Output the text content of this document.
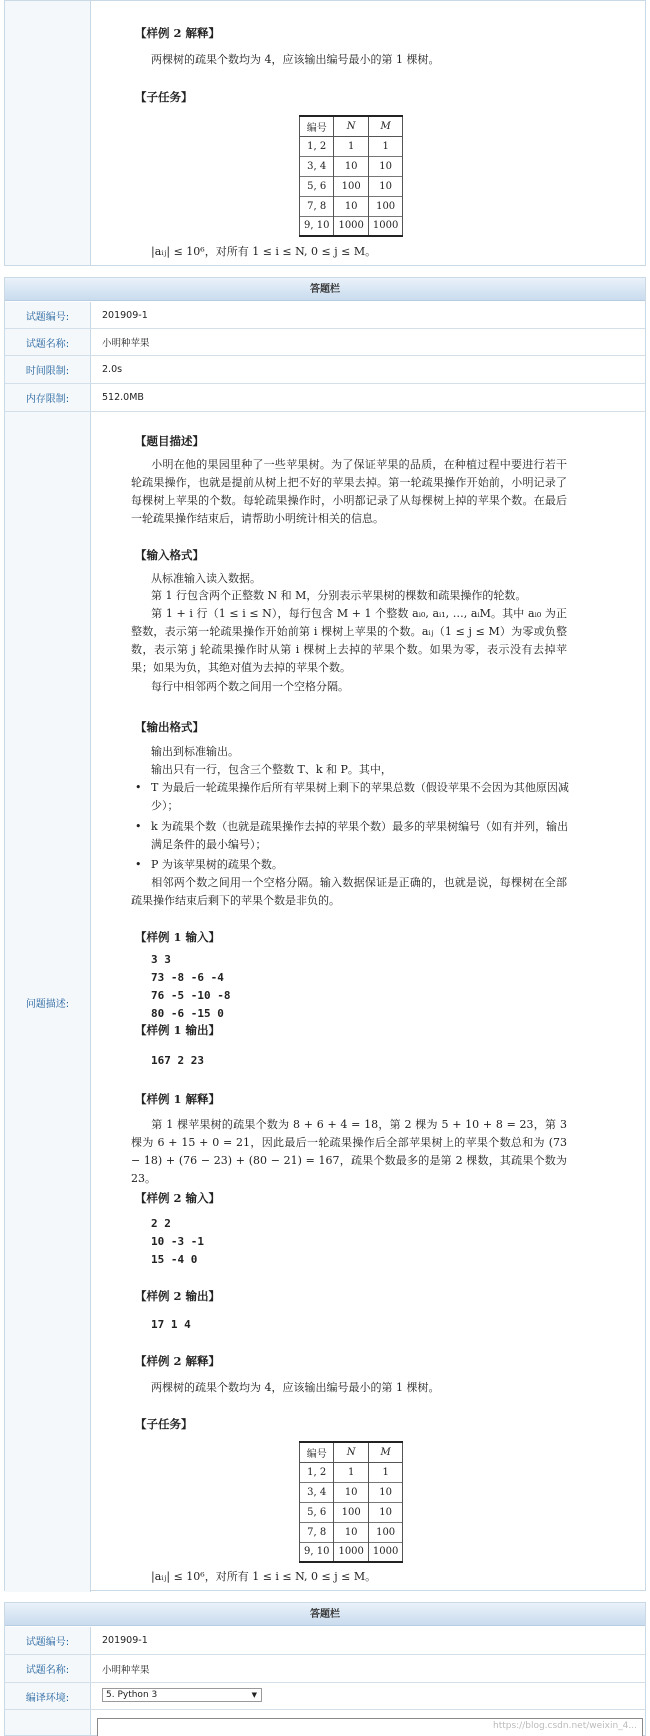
【样例 2 解释】
两棵树的疏果个数均为 4，应该输出编号最小的第 1 棵树。
【子任务】
编号	N	M
1, 2	1	1
3, 4	10	10
5, 6	100	10
7, 8	10	100
9, 10	1000	1000
|aᵢⱼ| ≤ 10⁶，对所有 1 ≤ i ≤ N, 0 ≤ j ≤ M。
答题栏
试题编号:	201909-1
试题名称:	小明种苹果
时间限制:	2.0s
内存限制:	512.0MB
问题描述:
【题目描述】
小明在他的果园里种了一些苹果树。为了保证苹果的品质，在种植过程中要进行若干轮疏果操作，也就是提前从树上把不好的苹果去掉。第一轮疏果操作开始前，小明记录了每棵树上苹果的个数。每轮疏果操作时，小明都记录了从每棵树上掉的苹果个数。在最后一轮疏果操作结束后，请帮助小明统计相关的信息。
【输入格式】
从标准输入读入数据。
第 1 行包含两个正整数 N 和 M，分别表示苹果树的棵数和疏果操作的轮数。
第 1 + i 行（1 ≤ i ≤ N），每行包含 M + 1 个整数 aᵢ₀, aᵢ₁, …, aᵢM。其中 aᵢ₀ 为正整数，表示第一轮疏果操作开始前第 i 棵树上苹果的个数。aᵢⱼ（1 ≤ j ≤ M）为零或负整数，表示第 j 轮疏果操作时从第 i 棵树上去掉的苹果个数。如果为零，表示没有去掉苹果；如果为负，其绝对值为去掉的苹果个数。
每行中相邻两个数之间用一个空格分隔。
【输出格式】
输出到标准输出。
输出只有一行，包含三个整数 T、k 和 P。其中，
• T 为最后一轮疏果操作后所有苹果树上剩下的苹果总数（假设苹果不会因为其他原因减少）；
• k 为疏果个数（也就是疏果操作去掉的苹果个数）最多的苹果树编号（如有并列，输出满足条件的最小编号）；
• P 为该苹果树的疏果个数。
相邻两个数之间用一个空格分隔。输入数据保证是正确的，也就是说，每棵树在全部疏果操作结束后剩下的苹果个数是非负的。
【样例 1 输入】
3 3
73 -8 -6 -4
76 -5 -10 -8
80 -6 -15 0
【样例 1 输出】
167 2 23
【样例 1 解释】
第 1 棵苹果树的疏果个数为 8 + 6 + 4 = 18，第 2 棵为 5 + 10 + 8 = 23，第 3 棵为 6 + 15 + 0 = 21，因此最后一轮疏果操作后全部苹果树上的苹果个数总和为 (73 − 18) + (76 − 23) + (80 − 21) = 167，疏果个数最多的是第 2 棵数，其疏果个数为 23。
【样例 2 输入】
2 2
10 -3 -1
15 -4 0
【样例 2 输出】
17 1 4
【样例 2 解释】
两棵树的疏果个数均为 4，应该输出编号最小的第 1 棵树。
【子任务】
编号	N	M
1, 2	1	1
3, 4	10	10
5, 6	100	10
7, 8	10	100
9, 10	1000	1000
|aᵢⱼ| ≤ 10⁶，对所有 1 ≤ i ≤ N, 0 ≤ j ≤ M。
答题栏
试题编号:	201909-1
试题名称:	小明种苹果
编译环境:	5. Python 3	▼
https://blog.csdn.net/weixin_4...
